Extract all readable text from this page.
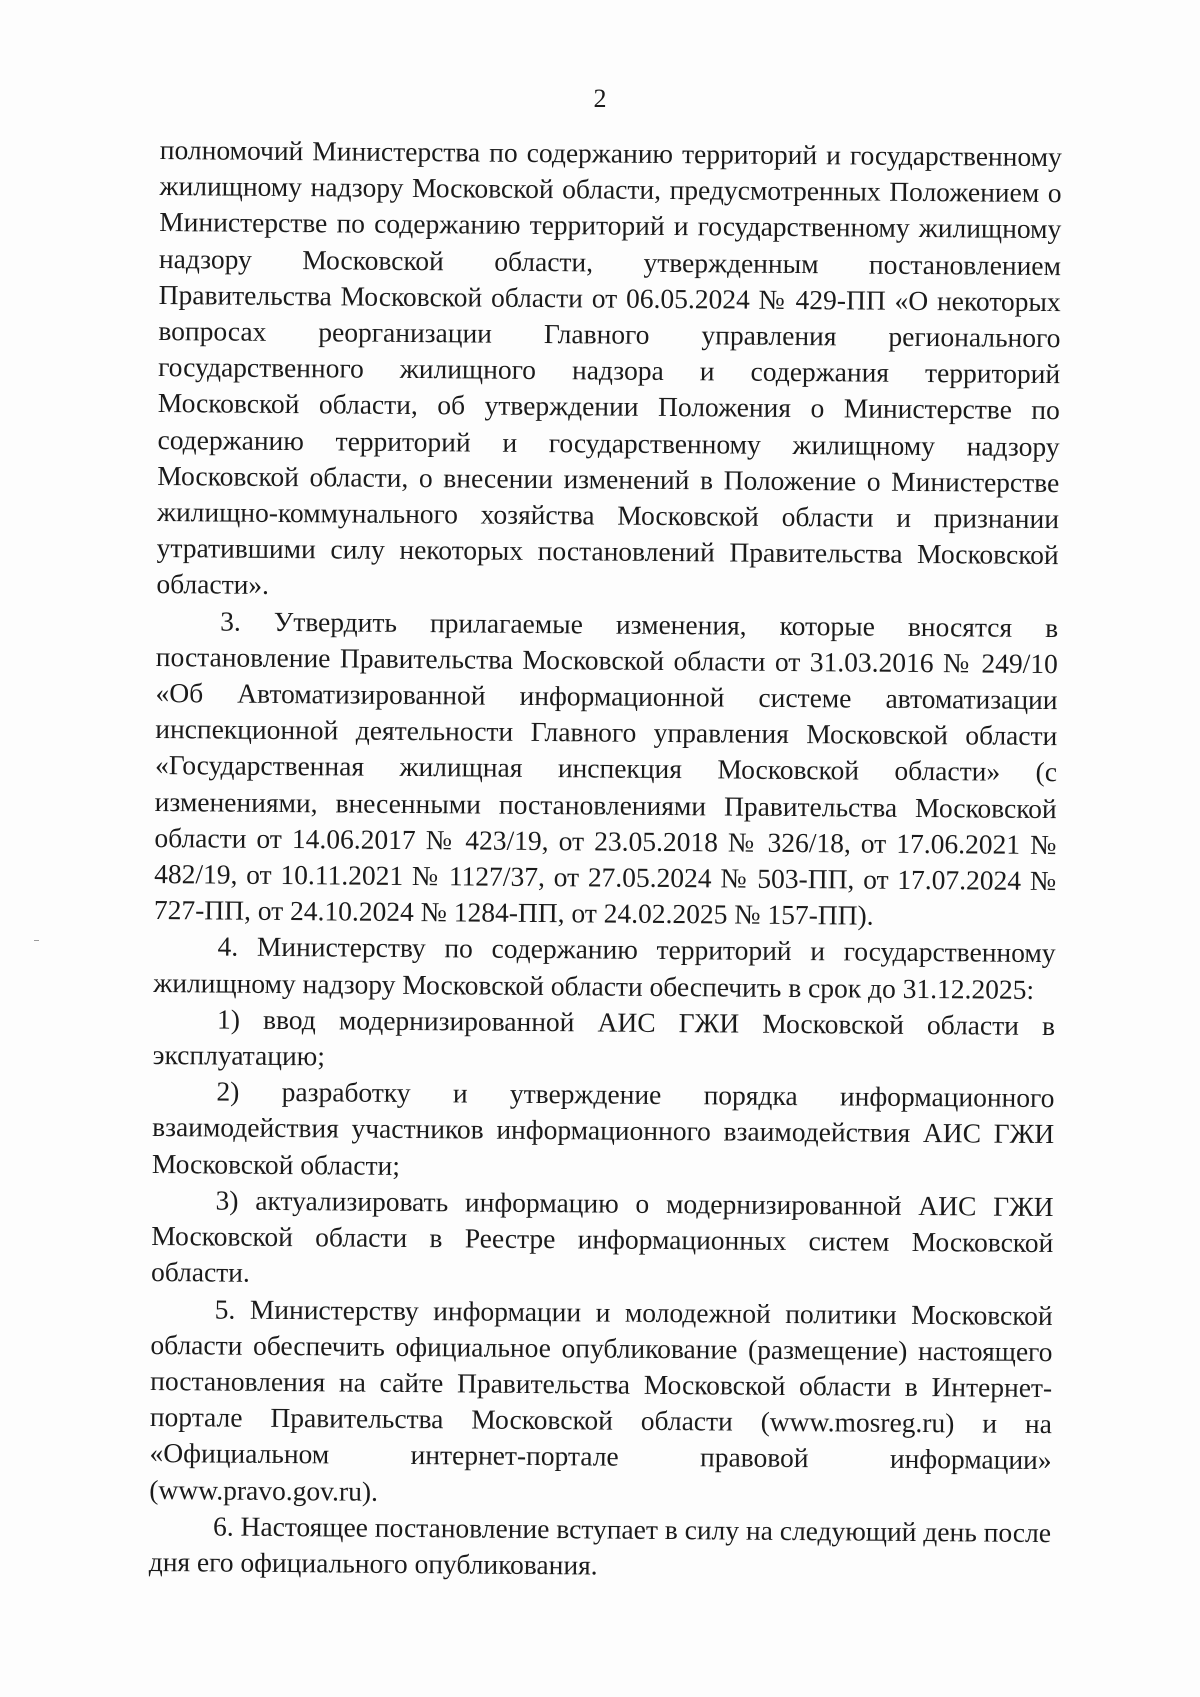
2

полномочий Министерства по содержанию территорий и государственному жилищному надзору Московской области, предусмотренных Положением о Министерстве по содержанию территорий и государственному жилищному надзору Московской области, утвержденным постановлением Правительства Московской области от 06.05.2024 № 429-ПП «О некоторых вопросах реорганизации Главного управления регионального государственного жилищного надзора и содержания территорий Московской области, об утверждении Положения о Министерстве по содержанию территорий и государственному жилищному надзору Московской области, о внесении изменений в Положение о Министерстве жилищно-коммунального хозяйства Московской области и признании утратившими силу некоторых постановлений Правительства Московской области».

3. Утвердить прилагаемые изменения, которые вносятся в постановление Правительства Московской области от 31.03.2016 № 249/10 «Об Автоматизированной информационной системе автоматизации инспекционной деятельности Главного управления Московской области «Государственная жилищная инспекция Московской области» (с изменениями, внесенными постановлениями Правительства Московской области от 14.06.2017 № 423/19, от 23.05.2018 № 326/18, от 17.06.2021 № 482/19, от 10.11.2021 № 1127/37, от 27.05.2024 № 503-ПП, от 17.07.2024 № 727-ПП, от 24.10.2024 № 1284-ПП, от 24.02.2025 № 157-ПП).

4. Министерству по содержанию территорий и государственному жилищному надзору Московской области обеспечить в срок до 31.12.2025:

1) ввод модернизированной АИС ГЖИ Московской области в эксплуатацию;

2) разработку и утверждение порядка информационного взаимодействия участников информационного взаимодействия АИС ГЖИ Московской области;

3) актуализировать информацию о модернизированной АИС ГЖИ Московской области в Реестре информационных систем Московской области.

5. Министерству информации и молодежной политики Московской области обеспечить официальное опубликование (размещение) настоящего постановления на сайте Правительства Московской области в Интернет-портале Правительства Московской области (www.mosreg.ru) и на «Официальном интернет-портале правовой информации» (www.pravo.gov.ru).

6. Настоящее постановление вступает в силу на следующий день после дня его официального опубликования.
